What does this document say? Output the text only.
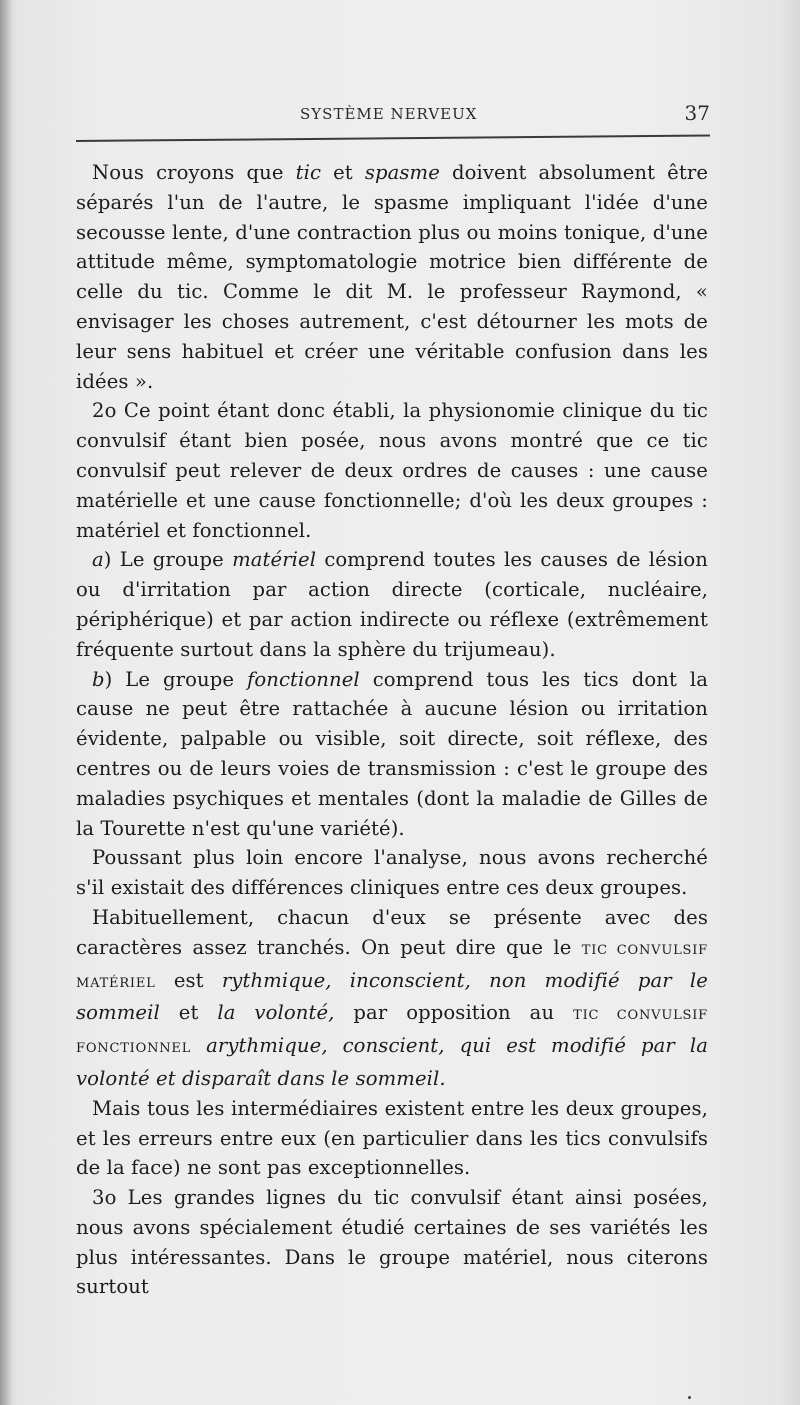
SYSTÈME NERVEUX	37

Nous croyons que tic et spasme doivent absolument être séparés l'un de l'autre, le spasme impliquant l'idée d'une secousse lente, d'une contraction plus ou moins tonique, d'une attitude même, symptomatologie motrice bien différente de celle du tic. Comme le dit M. le professeur Raymond, « envisager les choses autrement, c'est détourner les mots de leur sens habituel et créer une véritable confusion dans les idées ».

2o Ce point étant donc établi, la physionomie clinique du tic convulsif étant bien posée, nous avons montré que ce tic convulsif peut relever de deux ordres de causes : une cause matérielle et une cause fonctionnelle; d'où les deux groupes : matériel et fonctionnel.

a) Le groupe matériel comprend toutes les causes de lésion ou d'irritation par action directe (corticale, nucléaire, périphérique) et par action indirecte ou réflexe (extrêmement fréquente surtout dans la sphère du trijumeau).

b) Le groupe fonctionnel comprend tous les tics dont la cause ne peut être rattachée à aucune lésion ou irritation évidente, palpable ou visible, soit directe, soit réflexe, des centres ou de leurs voies de transmission : c'est le groupe des maladies psychiques et mentales (dont la maladie de Gilles de la Tourette n'est qu'une variété).

Poussant plus loin encore l'analyse, nous avons recherché s'il existait des différences cliniques entre ces deux groupes.

Habituellement, chacun d'eux se présente avec des caractères assez tranchés. On peut dire que le TIC CONVULSIF MATÉRIEL est rythmique, inconscient, non modifié par le sommeil et la volonté, par opposition au TIC CONVULSIF FONCTIONNEL arythmique, conscient, qui est modifié par la volonté et disparaît dans le sommeil.

Mais tous les intermédiaires existent entre les deux groupes, et les erreurs entre eux (en particulier dans les tics convulsifs de la face) ne sont pas exceptionnelles.

3o Les grandes lignes du tic convulsif étant ainsi posées, nous avons spécialement étudié certaines de ses variétés les plus intéressantes. Dans le groupe matériel, nous citerons surtout
